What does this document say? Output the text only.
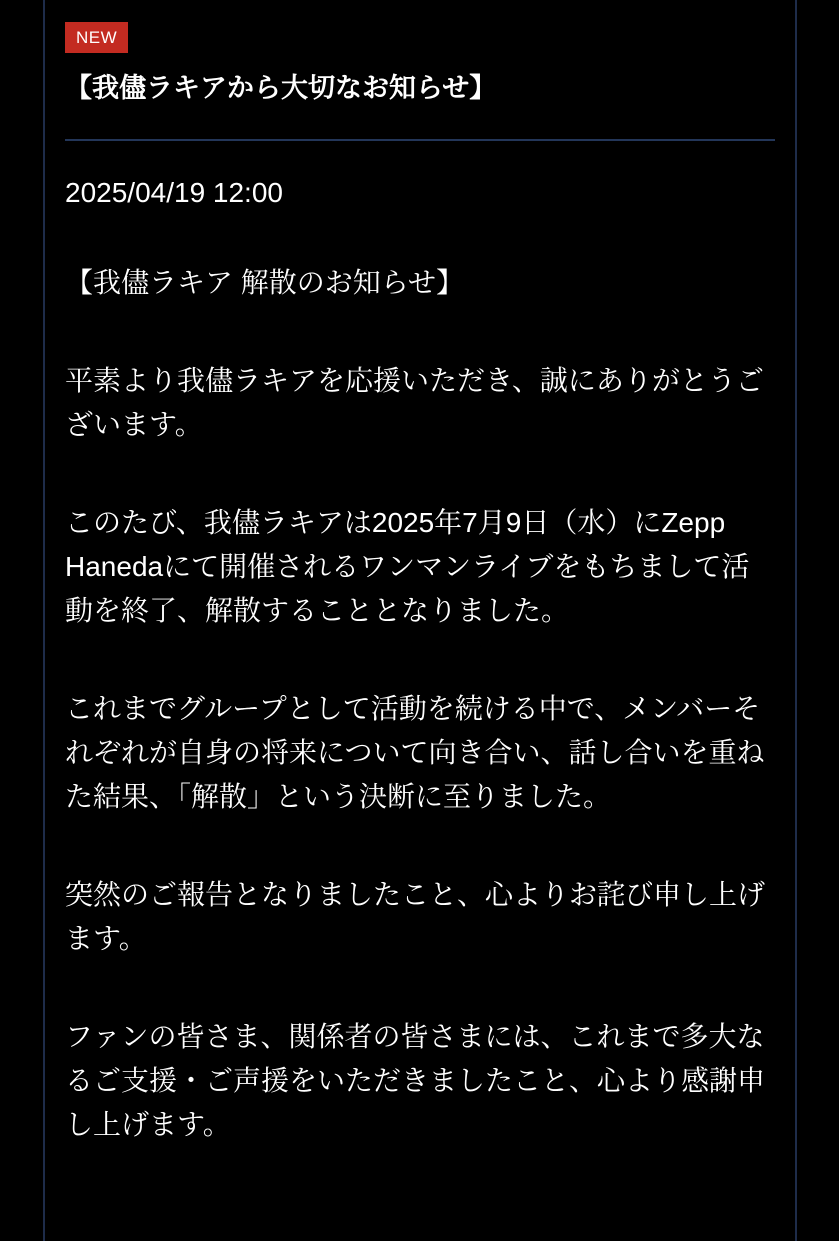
NEW
【我儘ラキアから大切なお知らせ】

2025/04/19 12:00

【我儘ラキア 解散のお知らせ】

平素より我儘ラキアを応援いただき、誠にありがとうございます。

このたび、我儘ラキアは2025年7月9日（水）にZepp Hanedaにて開催されるワンマンライブをもちまして活動を終了、解散することとなりました。

これまでグループとして活動を続ける中で、メンバーそれぞれが自身の将来について向き合い、話し合いを重ねた結果、「解散」という決断に至りました。

突然のご報告となりましたこと、心よりお詫び申し上げます。

ファンの皆さま、関係者の皆さまには、これまで多大なるご支援・ご声援をいただきましたこと、心より感謝申し上げます。
